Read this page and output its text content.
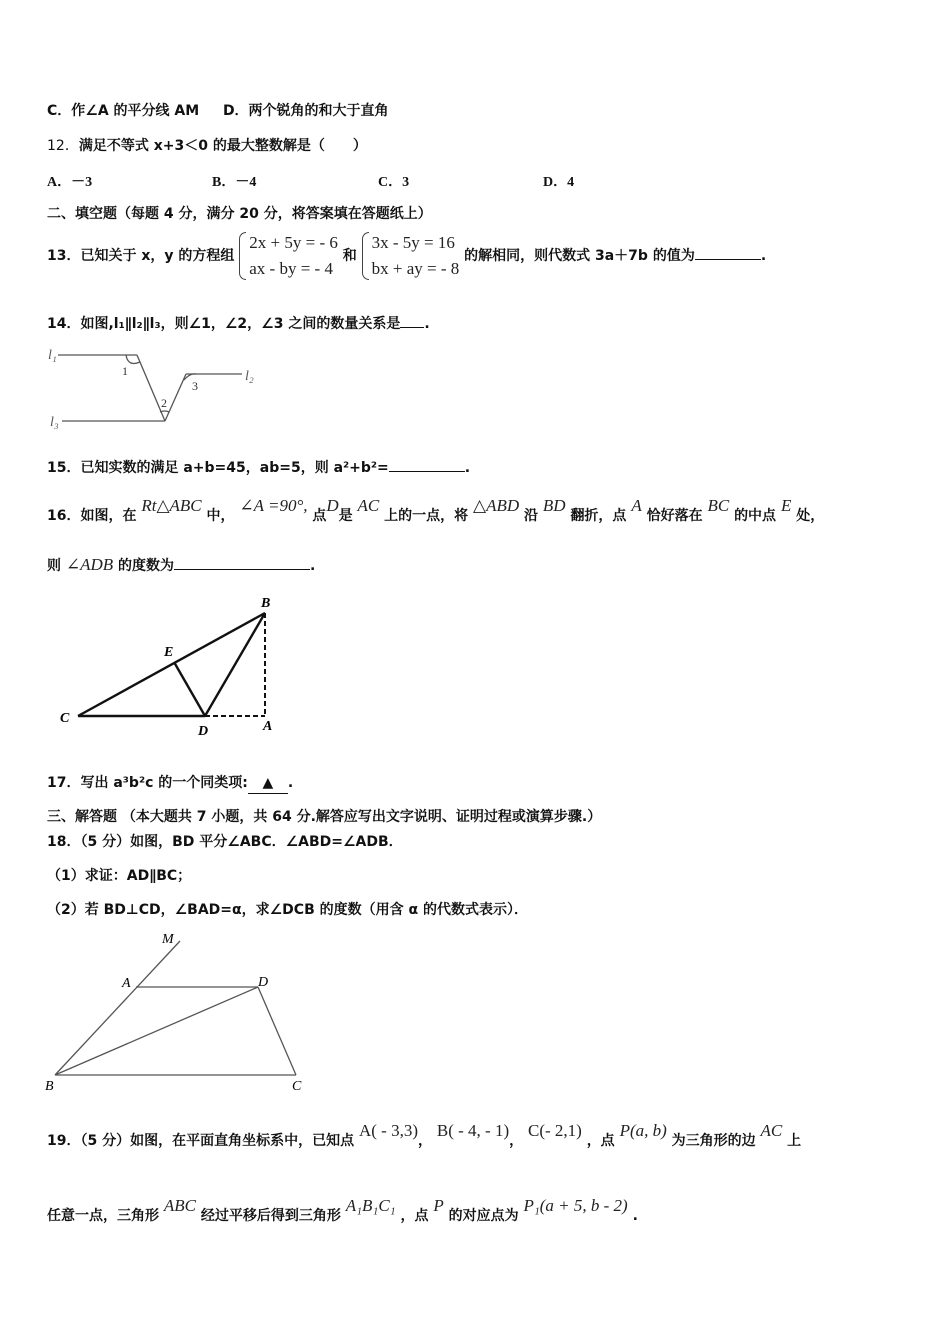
C．作∠A 的平分线 AM D．两个锐角的和大于直角
12．满足不等式 x+3＜0 的最大整数解是（　　）
A．－3	B．－4	C．3	D．4
二、填空题（每题 4 分，满分 20 分，将答案填在答题纸上）
13．已知关于 x，y 的方程组
2x + 5y = - 6
ax - by = - 4
和
3x - 5y = 16
bx + ay = - 8
的解相同，则代数式 3a＋7b 的值为	.
14．如图,l₁∥l₂∥l₃，则∠1，∠2，∠3 之间的数量关系是 .
l₁
l₂
l₃
1
2
3
15．已知实数的满足 a+b=45，ab=5，则 a²+b²=	.
16．如图，在 Rt△ABC 中， ∠A =90°, 点D是 AC 上的一点，将 △ABD 沿 BD 翻折，点 A 恰好落在 BC 的中点 E 处，
则 ∠ADB 的度数为	.
B
E
C
D	A
17．写出 a³b²c 的一个同类项: ▲ .
三、解答题 （本大题共 7 小题，共 64 分.解答应写出文字说明、证明过程或演算步骤.）
18．（5 分）如图，BD 平分∠ABC．∠ABD=∠ADB．
（1）求证：AD∥BC；
（2）若 BD⊥CD，∠BAD=α，求∠DCB 的度数（用含 α 的代数式表示）．
M
A	D
B	C
19．（5 分）如图，在平面直角坐标系中，已知点 A( - 3,3)， B( - 4, - 1)， C(- 2,1) ，点 P(a, b) 为三角形的边 AC 上
任意一点，三角形 ABC 经过平移后得到三角形 A₁B₁C₁ ，点 P 的对应点为 P₁(a + 5, b - 2) .
